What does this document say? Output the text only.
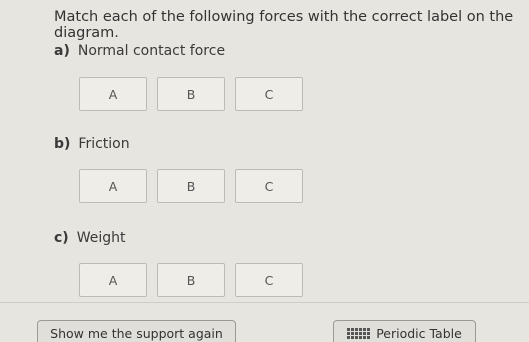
Match each of the following forces with the correct label on the diagram.
a) Normal contact force
A	B	C
b) Friction
A	B	C
c) Weight
A	B	C
Show me the support again	Periodic Table
